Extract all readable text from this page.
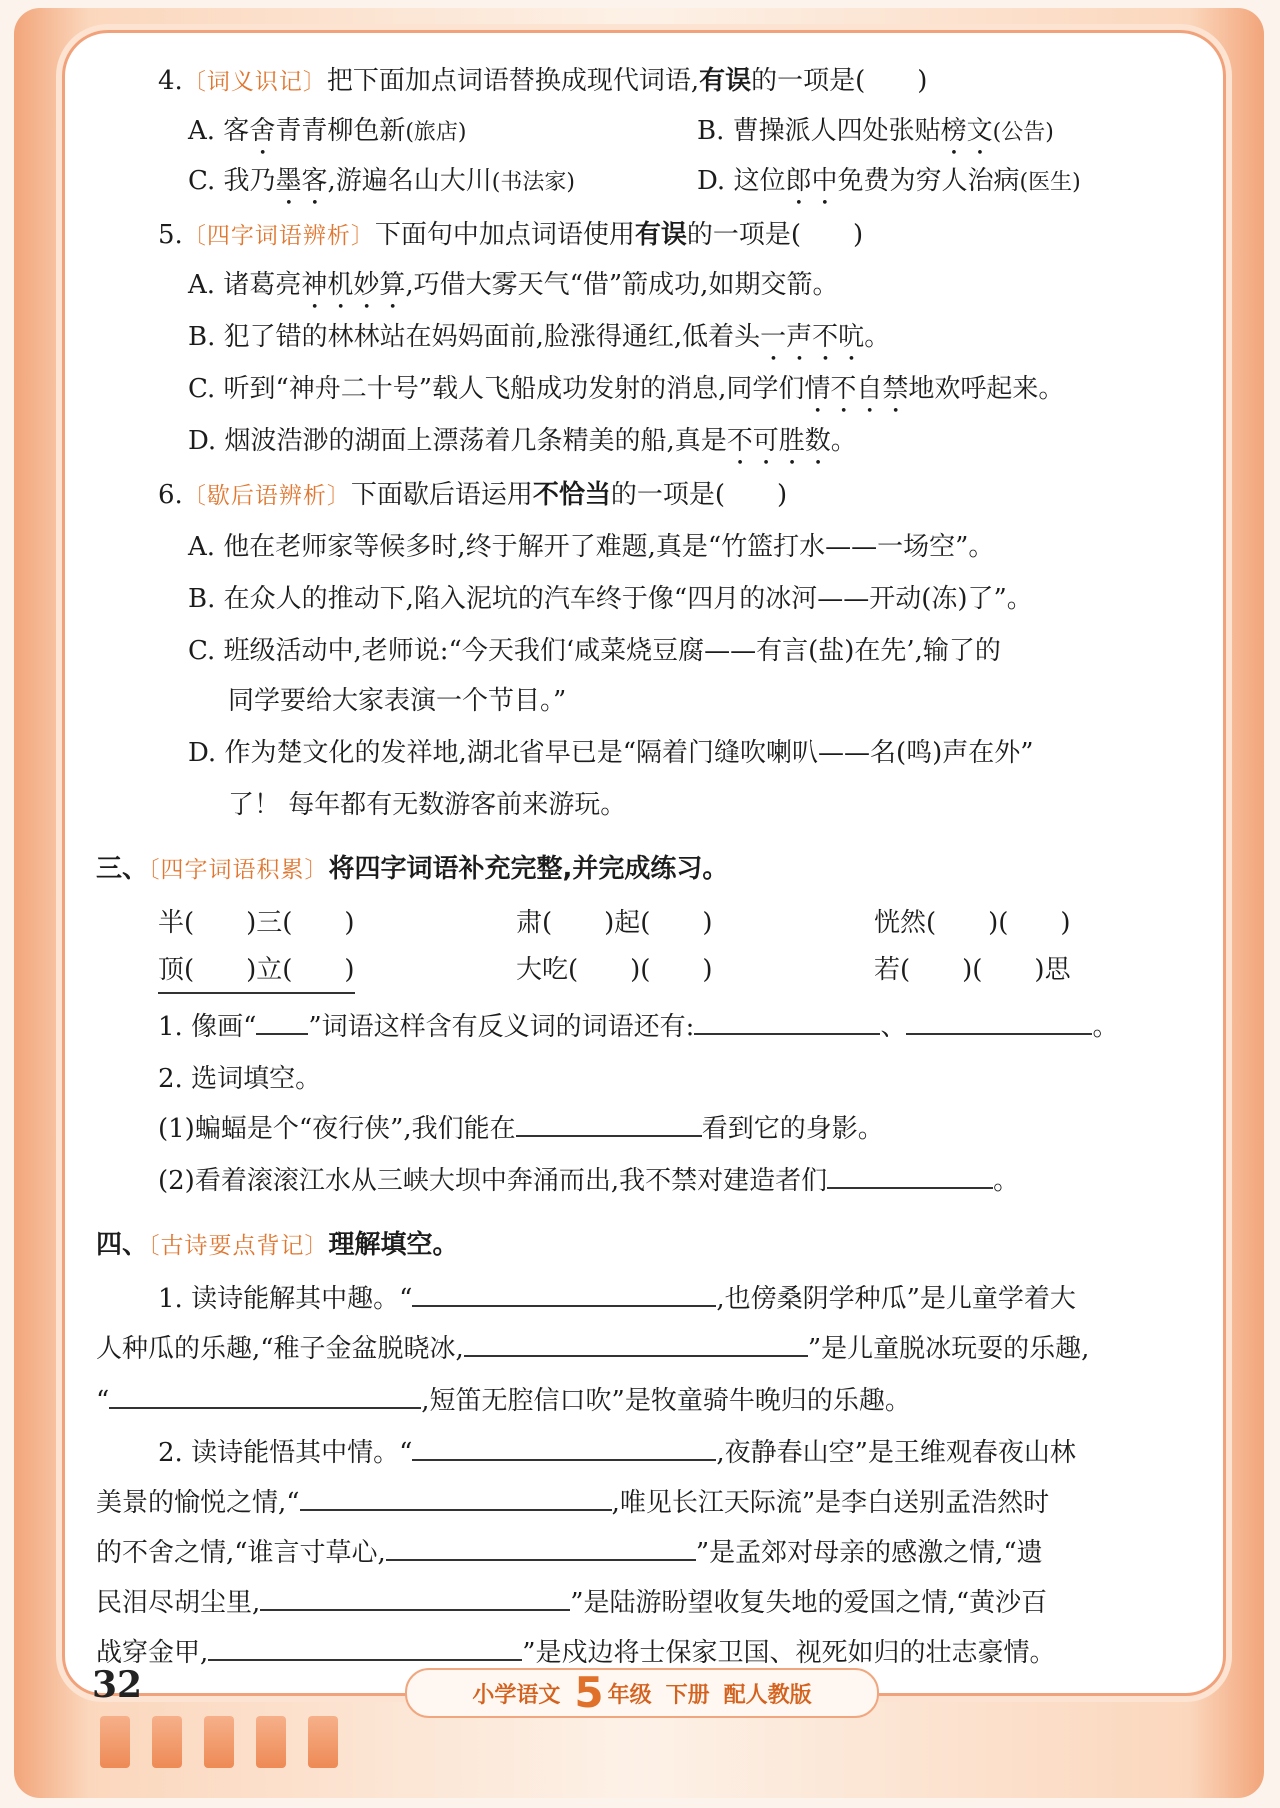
4. 〔 词义识记 〕 把下面加点词语替换成现代词语,有误的一项是(　　)
A. 客舍青青柳色新(旅店)	B. 曹操派人四处张贴榜文(公告)
C. 我乃墨客,游遍名山大川(书法家)	D. 这位郎中免费为穷人治病(医生)
5. 〔 四字词语辨析 〕 下面句中加点词语使用有误的一项是(　　)
A. 诸葛亮神机妙算,巧借大雾天气“借”箭成功,如期交箭。
B. 犯了错的林林站在妈妈面前,脸涨得通红,低着头一声不吭。
C. 听到“神舟二十号”载人飞船成功发射的消息,同学们情不自禁地欢呼起来。
D. 烟波浩渺的湖面上漂荡着几条精美的船,真是不可胜数。
6. 〔 歇后语辨析 〕 下面歇后语运用不恰当的一项是(　　)
A. 他在老师家等候多时,终于解开了难题,真是“竹篮打水——一场空”。
B. 在众人的推动下,陷入泥坑的汽车终于像“四月的冰河——开动(冻)了”。
C. 班级活动中,老师说:“今天我们‘咸菜烧豆腐——有言(盐)在先’,输了的
同学要给大家表演一个节目。”
D. 作为楚文化的发祥地,湖北省早已是“隔着门缝吹喇叭——名(鸣)声在外”
了！ 每年都有无数游客前来游玩。
三、 〔 四字词语积累 〕 将四字词语补充完整,并完成练习。
半(　　)三(　　)	肃(　　)起(　　)	恍然(　　)(　　)
顶(　　)立(　　)	大吃(　　)(　　)	若(　　)(　　)思
1. 像画“ ”词语这样含有反义词的词语还有:	、	。
2. 选词填空。
(1)蝙蝠是个“夜行侠”,我们能在	看到它的身影。
(2)看着滚滚江水从三峡大坝中奔涌而出,我不禁对建造者们	。
四、 〔 古诗要点背记 〕 理解填空。
1. 读诗能解其中趣。“	,也傍桑阴学种瓜”是儿童学着大
人种瓜的乐趣,“稚子金盆脱晓冰,	”是儿童脱冰玩耍的乐趣,
“	,短笛无腔信口吹”是牧童骑牛晚归的乐趣。
2. 读诗能悟其中情。“	,夜静春山空”是王维观春夜山林
美景的愉悦之情,“	,唯见长江天际流”是李白送别孟浩然时
的不舍之情,“谁言寸草心,	”是孟郊对母亲的感激之情,“遗
民泪尽胡尘里,	”是陆游盼望收复失地的爱国之情,“黄沙百
战穿金甲,	”是戍边将士保家卫国、视死如归的壮志豪情。
32	小学语文 5 年级 下册 配人教版
